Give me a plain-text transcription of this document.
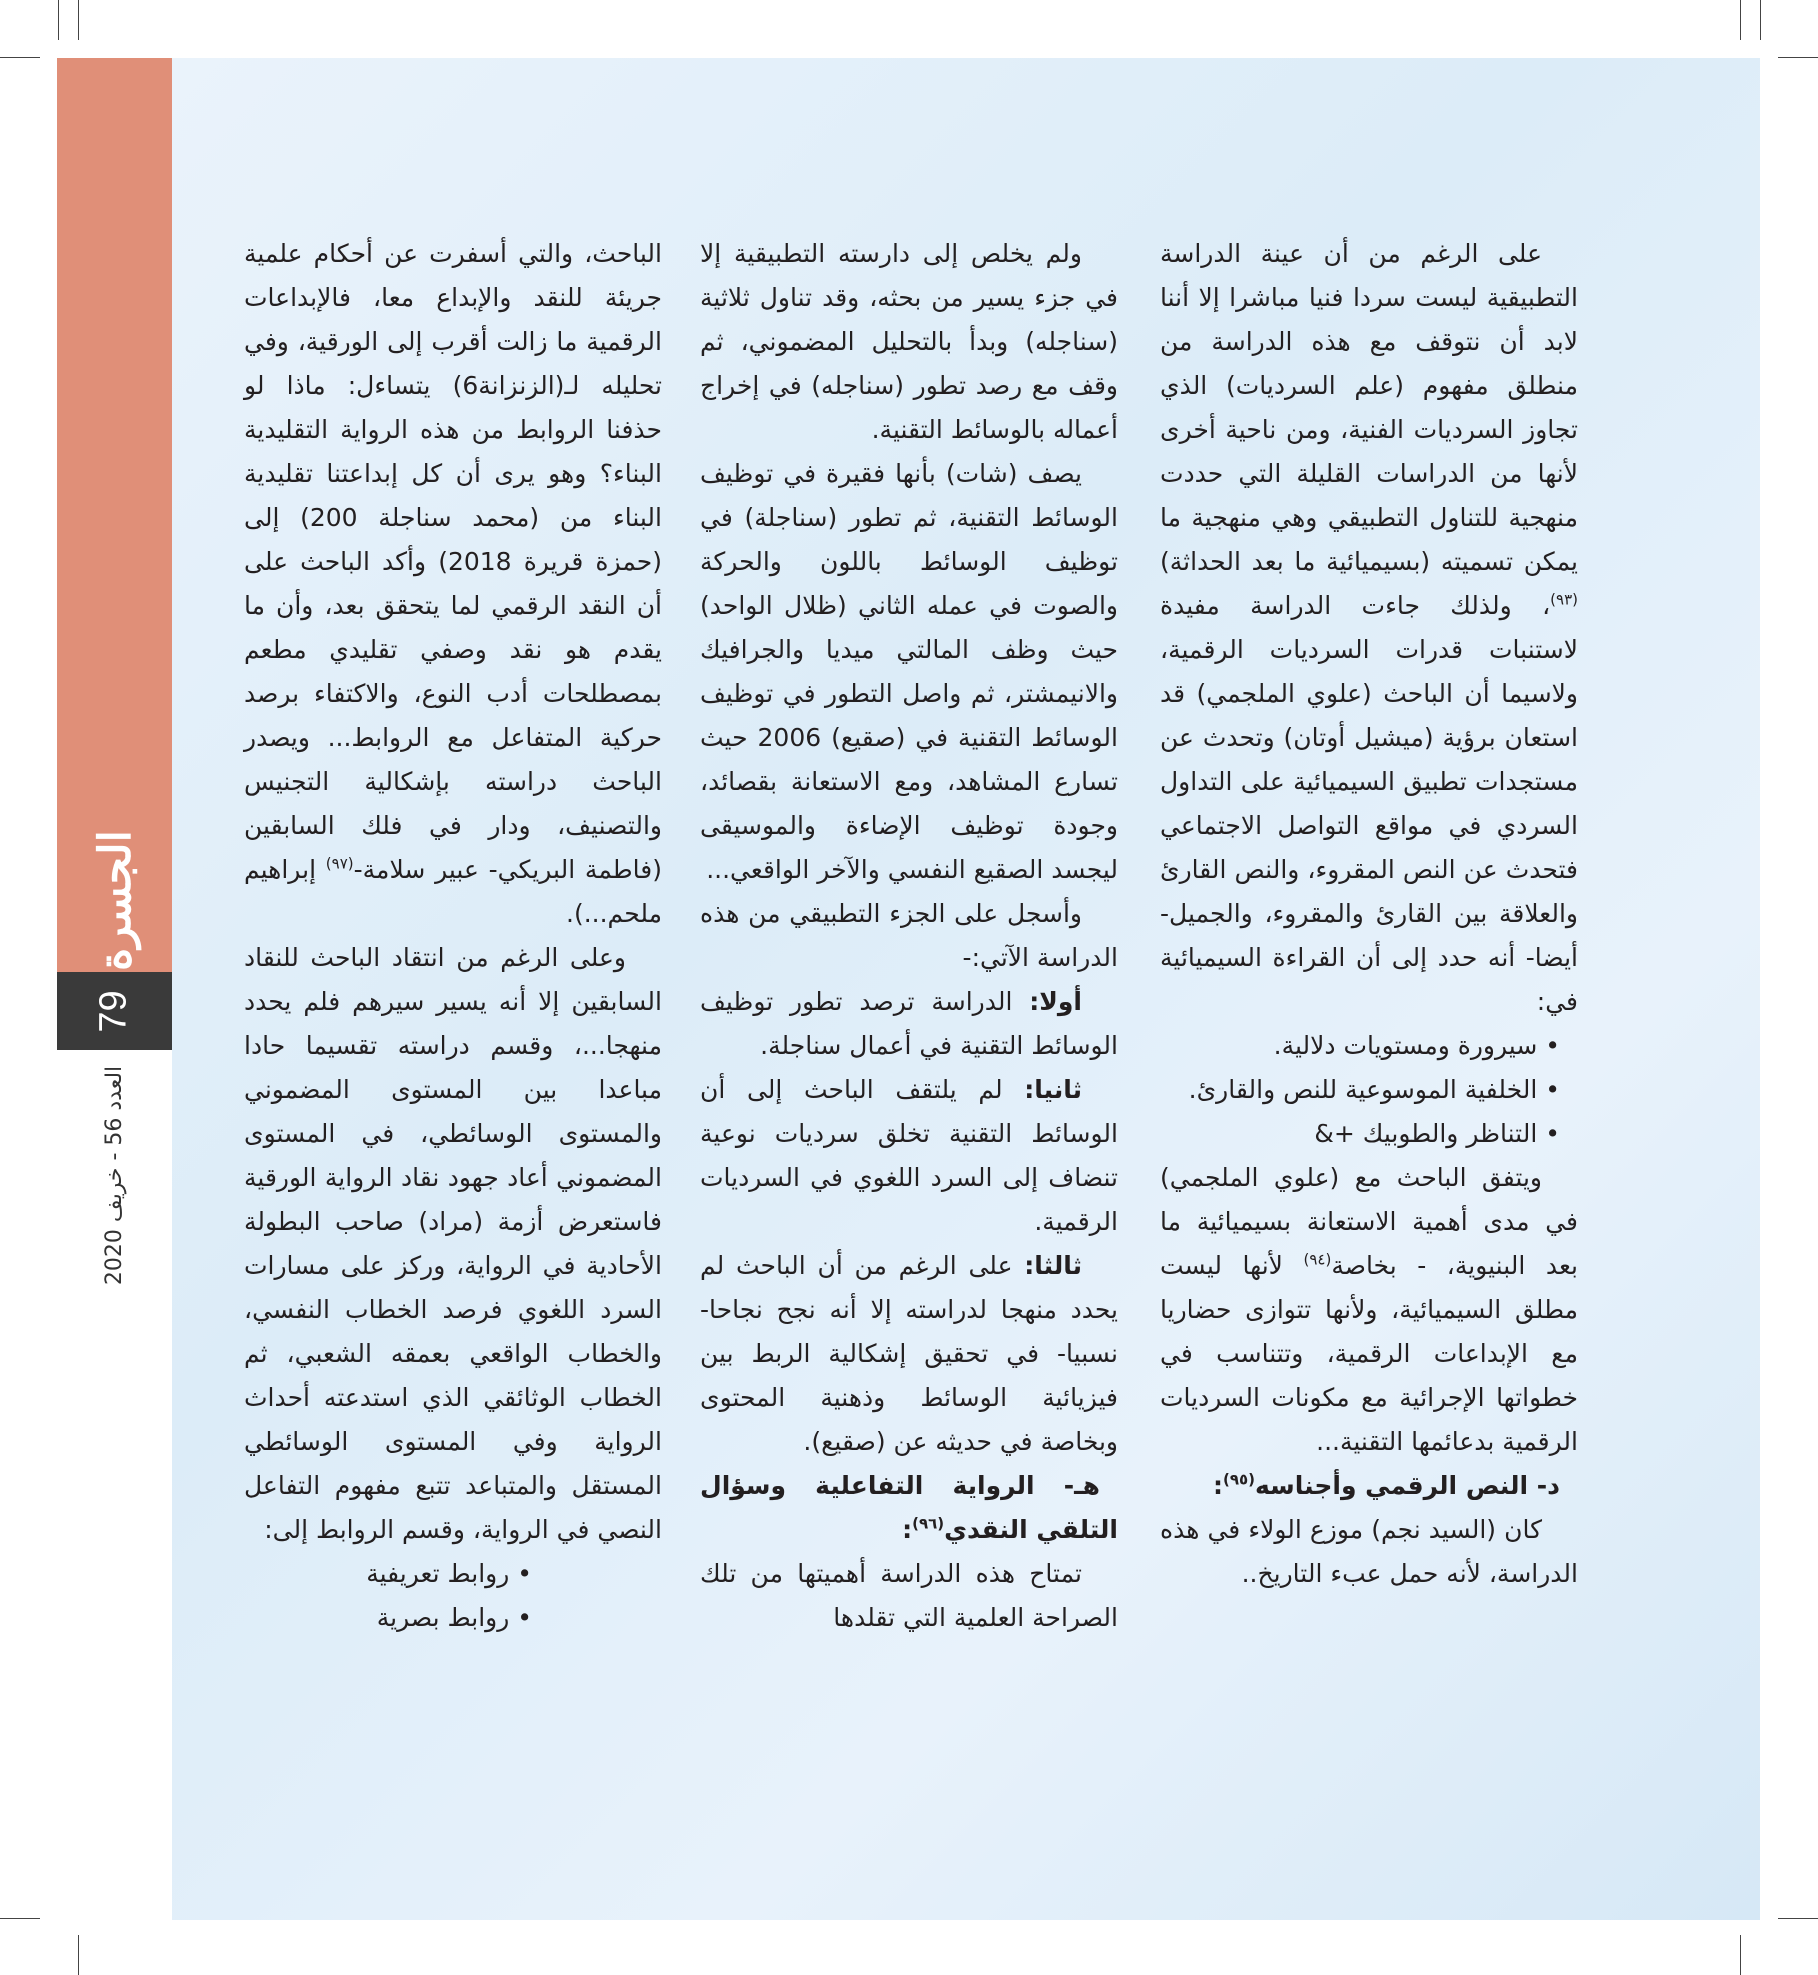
الجسرة
79
العدد 56 - خريف 2020

على الرغم من أن عينة الدراسة التطبيقية ليست سردا فنيا مباشرا إلا أننا لابد أن نتوقف مع هذه الدراسة من منطلق مفهوم (علم السرديات) الذي تجاوز السرديات الفنية، ومن ناحية أخرى لأنها من الدراسات القليلة التي حددت منهجية للتناول التطبيقي وهي منهجية ما يمكن تسميته (بسيميائية ما بعد الحداثة)$^{(٩٣)}$، ولذلك جاءت الدراسة مفيدة لاستنبات قدرات السرديات الرقمية، ولاسيما أن الباحث (علوي الملجمي) قد استعان برؤية (ميشيل أوتان) وتحدث عن مستجدات تطبيق السيميائية على التداول السردي في مواقع التواصل الاجتماعي فتحدث عن النص المقروء، والنص القارئ والعلاقة بين القارئ والمقروء، والجميل- أيضا- أنه حدد إلى أن القراءة السيميائية في:

• سيرورة ومستويات دلالية.

• الخلفية الموسوعية للنص والقارئ.

• التناظر والطوبيك +&

ويتفق الباحث مع (علوي الملجمي) في مدى أهمية الاستعانة بسيميائية ما بعد البنيوية، - بخاصة$^{(٩٤)}$ لأنها ليست مطلق السيميائية، ولأنها تتوازى حضاريا مع الإبداعات الرقمية، وتتناسب في خطواتها الإجرائية مع مكونات السرديات الرقمية بدعائمها التقنية...

د- النص الرقمي وأجناسه$^{(٩٥)}$:

كان (السيد نجم) موزع الولاء في هذه الدراسة، لأنه حمل عبء التاريخ..

ولم يخلص إلى دارسته التطبيقية إلا في جزء يسير من بحثه، وقد تناول ثلاثية (سناجله) وبدأ بالتحليل المضموني، ثم وقف مع رصد تطور (سناجله) في إخراج أعماله بالوسائط التقنية.

يصف (شات) بأنها فقيرة في توظيف الوسائط التقنية، ثم تطور (سناجلة) في توظيف الوسائط باللون والحركة والصوت في عمله الثاني (ظلال الواحد) حيث وظف المالتي ميديا والجرافيك والانيمشتر، ثم واصل التطور في توظيف الوسائط التقنية في (صقيع) 2006 حيث تسارع المشاهد، ومع الاستعانة بقصائد، وجودة توظيف الإضاءة والموسيقى ليجسد الصقيع النفسي والآخر الواقعي...

وأسجل على الجزء التطبيقي من هذه الدراسة الآتي:-

أولا: الدراسة ترصد تطور توظيف الوسائط التقنية في أعمال سناجلة.

ثانيا: لم يلتقف الباحث إلى أن الوسائط التقنية تخلق سرديات نوعية تنضاف إلى السرد اللغوي في السرديات الرقمية.

ثالثا: على الرغم من أن الباحث لم يحدد منهجا لدراسته إلا أنه نجح نجاحا- نسبيا- في تحقيق إشكالية الربط بين فيزيائية الوسائط وذهنية المحتوى وبخاصة في حديثه عن (صقيع).

هـ- الرواية التفاعلية وسؤال التلقي النقدي$^{(٩٦)}$:

تمتاح هذه الدراسة أهميتها من تلك الصراحة العلمية التي تقلدها

الباحث، والتي أسفرت عن أحكام علمية جريئة للنقد والإبداع معا، فالإبداعات الرقمية ما زالت أقرب إلى الورقية، وفي تحليله لـ(الزنزانة6) يتساءل: ماذا لو حذفنا الروابط من هذه الرواية التقليدية البناء؟ وهو يرى أن كل إبداعتنا تقليدية البناء من (محمد سناجلة 200) إلى (حمزة قريرة 2018) وأكد الباحث على أن النقد الرقمي لما يتحقق بعد، وأن ما يقدم هو نقد وصفي تقليدي مطعم بمصطلحات أدب النوع، والاكتفاء برصد حركية المتفاعل مع الروابط... ويصدر الباحث دراسته بإشكالية التجنيس والتصنيف، ودار في فلك السابقين (فاطمة البريكي- عبير سلامة-$^{(٩٧)}$ إبراهيم ملحم...).

وعلى الرغم من انتقاد الباحث للنقاد السابقين إلا أنه يسير سيرهم فلم يحدد منهجا...، وقسم دراسته تقسيما حادا مباعدا بين المستوى المضموني والمستوى الوسائطي، في المستوى المضموني أعاد جهود نقاد الرواية الورقية فاستعرض أزمة (مراد) صاحب البطولة الأحادية في الرواية، وركز على مسارات السرد اللغوي فرصد الخطاب النفسي، والخطاب الواقعي بعمقه الشعبي، ثم الخطاب الوثائقي الذي استدعته أحداث الرواية وفي المستوى الوسائطي المستقل والمتباعد تتبع مفهوم التفاعل النصي في الرواية، وقسم الروابط إلى:

• روابط تعريفية

• روابط بصرية
